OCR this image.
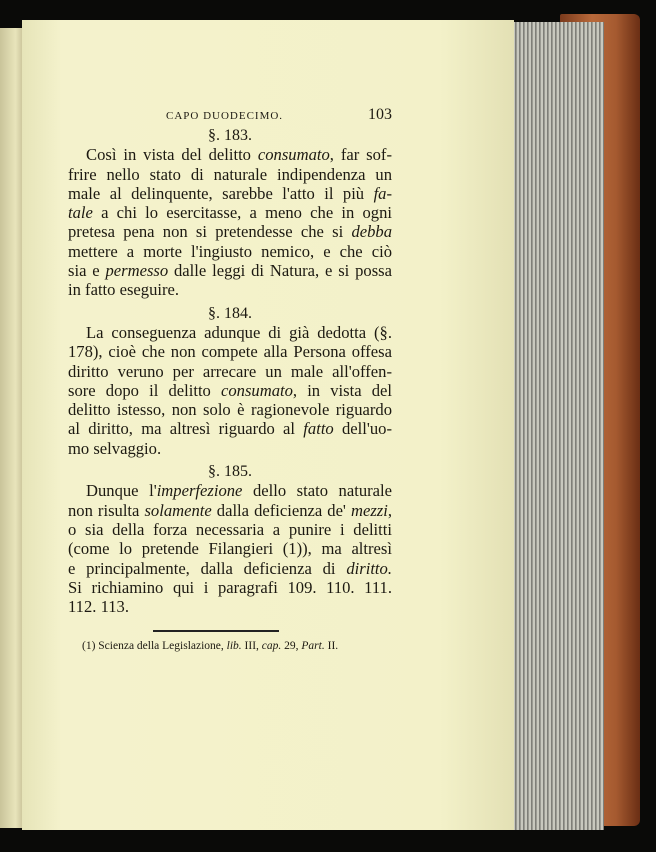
CAPO DUODECIMO.	103
§. 183.
Così in vista del delitto consumato, far sof-
frire nello stato di naturale indipendenza un
male al delinquente, sarebbe l'atto il più fa-
tale a chi lo esercitasse, a meno che in ogni
pretesa pena non si pretendesse che si debba
mettere a morte l'ingiusto nemico, e che ciò
sia e permesso dalle leggi di Natura, e si possa
in fatto eseguire.
§. 184.
La conseguenza adunque di già dedotta (§.
178), cioè che non compete alla Persona offesa
diritto veruno per arrecare un male all'offen-
sore dopo il delitto consumato, in vista del
delitto istesso, non solo è ragionevole riguardo
al diritto, ma altresì riguardo al fatto dell'uo-
mo selvaggio.
§. 185.
Dunque l'imperfezione dello stato naturale
non risulta solamente dalla deficienza de' mezzi,
o sia della forza necessaria a punire i delitti
(come lo pretende Filangieri (1)), ma altresì
e principalmente, dalla deficienza di diritto.
Si richiamino qui i paragrafi 109. 110. 111.
112. 113.
(1) Scienza della Legislazione, lib. III, cap. 29, Part. II.
